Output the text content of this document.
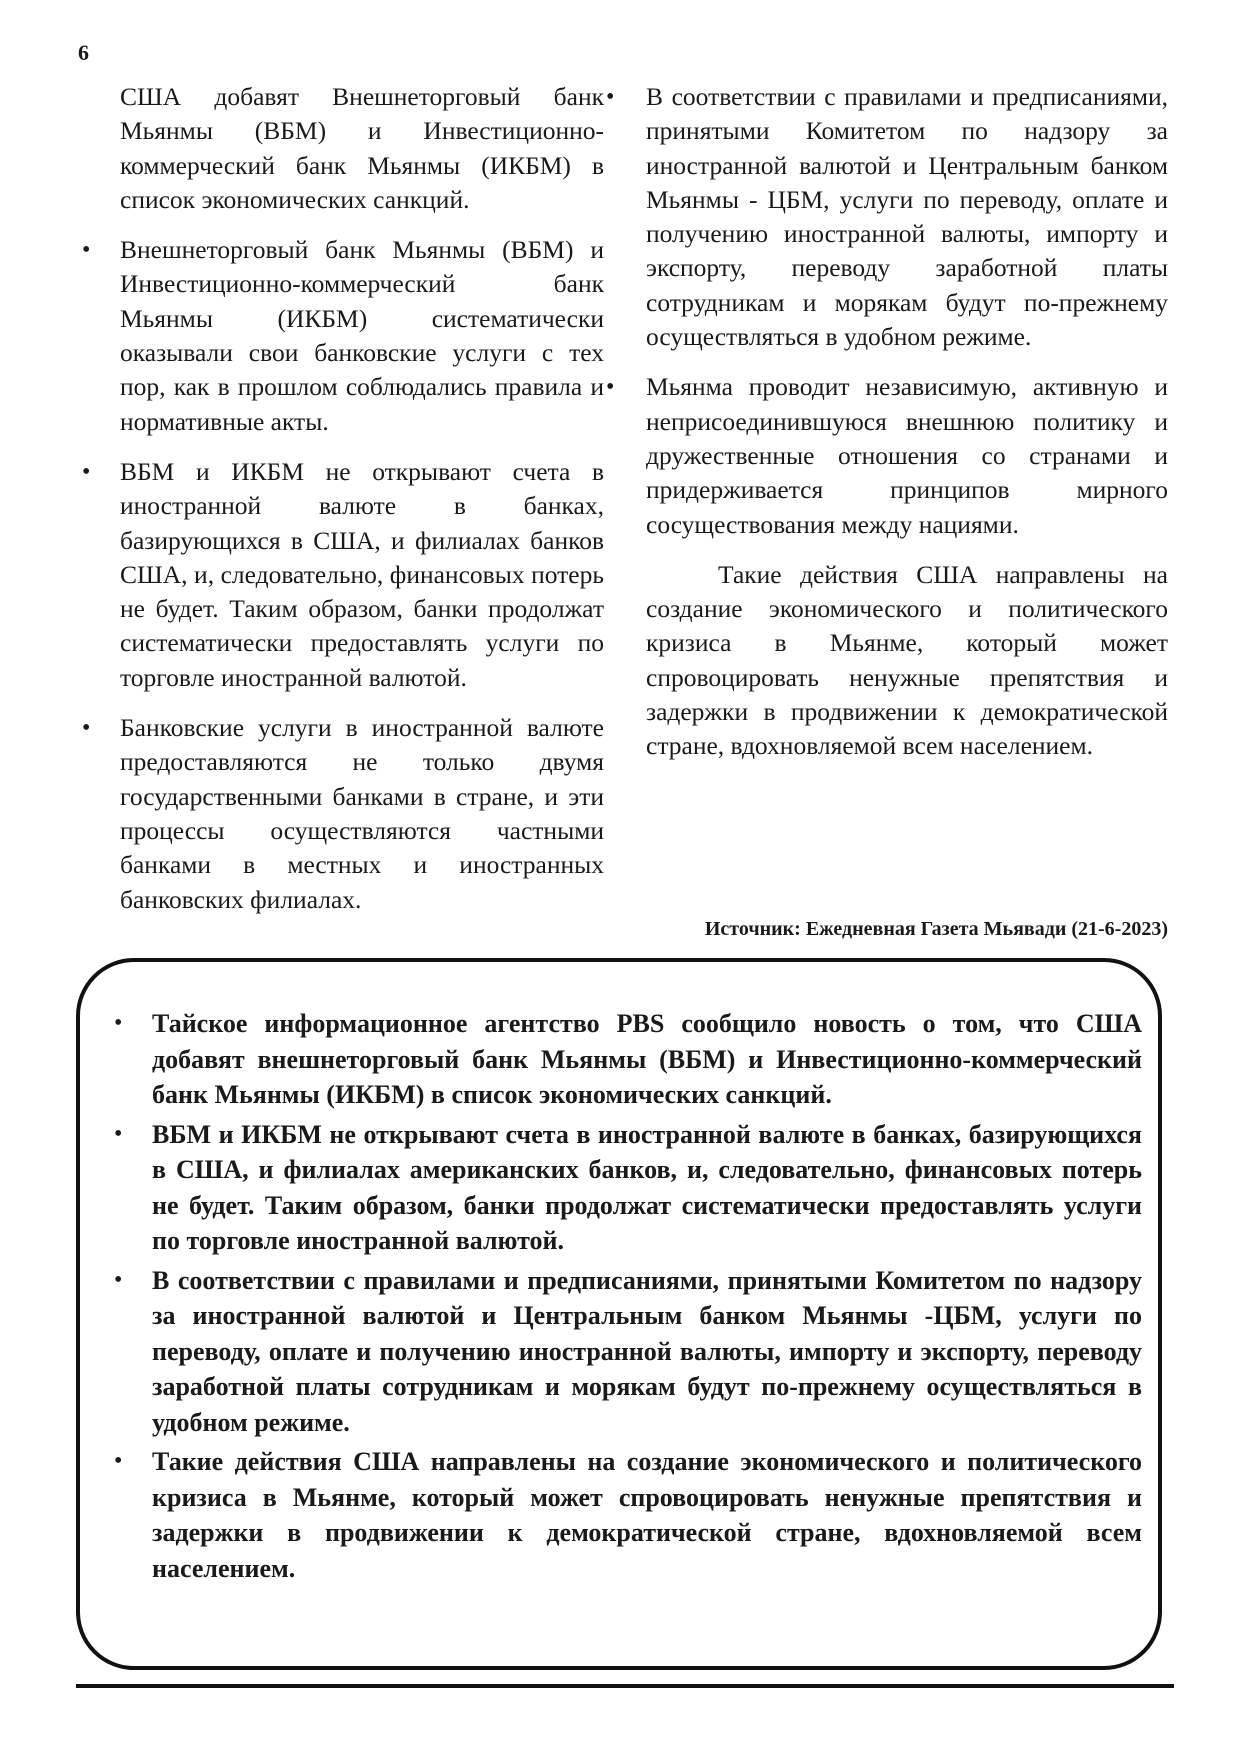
6

США добавят Внешнеторговый банк Мьянмы (ВБМ) и Инвестиционно-коммерческий банк Мьянмы (ИКБМ) в список экономических санкций.

• Внешнеторговый банк Мьянмы (ВБМ) и Инвестиционно-коммерческий банк Мьянмы (ИКБМ) систематически оказывали свои банковские услуги с тех пор, как в прошлом соблюдались правила и нормативные акты.
• ВБМ и ИКБМ не открывают счета в иностранной валюте в банках, базирующихся в США, и филиалах банков США, и, следовательно, финансовых потерь не будет. Таким образом, банки продолжат систематически предоставлять услуги по торговле иностранной валютой.
• Банковские услуги в иностранной валюте предоставляются не только двумя государственными банками в стране, и эти процессы осуществляются частными банками в местных и иностранных банковских филиалах.
• В соответствии с правилами и предписаниями, принятыми Комитетом по надзору за иностранной валютой и Центральным банком Мьянмы - ЦБМ, услуги по переводу, оплате и получению иностранной валюты, импорту и экспорту, переводу заработной платы сотрудникам и морякам будут по-прежнему осуществляться в удобном режиме.
• Мьянма проводит независимую, активную и неприсоединившуюся внешнюю политику и дружественные отношения со странами и придерживается принципов мирного сосуществования между нациями.

Такие действия США направлены на создание экономического и политического кризиса в Мьянме, который может спровоцировать ненужные препятствия и задержки в продвижении к демократической стране, вдохновляемой всем населением.

Источник: Ежедневная Газета Мьявади (21-6-2023)
• Тайское информационное агентство PBS сообщило новость о том, что США добавят внешнеторговый банк Мьянмы (ВБМ) и Инвестиционно-коммерческий банк Мьянмы (ИКБМ) в список экономических санкций.
• ВБМ и ИКБМ не открывают счета в иностранной валюте в банках, базирующихся в США, и филиалах американских банков, и, следовательно, финансовых потерь не будет. Таким образом, банки продолжат систематически предоставлять услуги по торговле иностранной валютой.
• В соответствии с правилами и предписаниями, принятыми Комитетом по надзору за иностранной валютой и Центральным банком Мьянмы -ЦБМ, услуги по переводу, оплате и получению иностранной валюты, импорту и экспорту, переводу заработной платы сотрудникам и морякам будут по-прежнему осуществляться в удобном режиме.
• Такие действия США направлены на создание экономического и политического кризиса в Мьянме, который может спровоцировать ненужные препятствия и задержки в продвижении к демократической стране, вдохновляемой всем населением.
